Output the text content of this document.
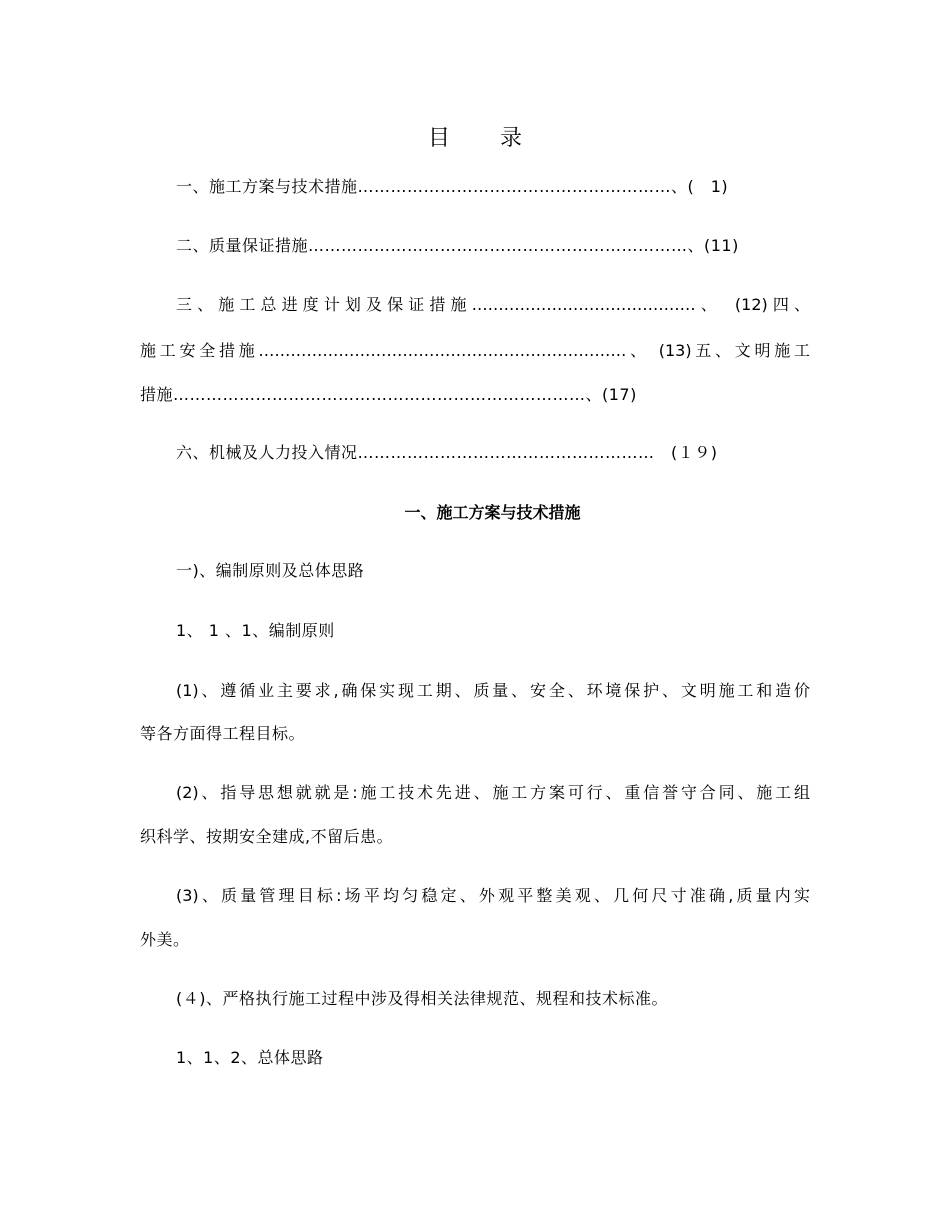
目 录
一、施工方案与技术措施…………………………………………………、(　1)
二、质量保证措施……………………………………………………………、(11)
三、施工总进度计划及保证措施……………………………………、　(12)四、
施工安全措施……………………………………………………………、 (13)五、文明施工
措施…………………………………………………………………、(17)
六、机械及人力投入情况………………………………………………　(１９)
一、施工方案与技术措施
一)、编制原则及总体思路
1、 1 、1、编制原则
(1)、遵循业主要求,确保实现工期、质量、安全、环境保护、文明施工和造价
等各方面得工程目标。
(2)、指导思想就就是:施工技术先进、施工方案可行、重信誉守合同、施工组
织科学、按期安全建成,不留后患。
(3)、质量管理目标:场平均匀稳定、外观平整美观、几何尺寸准确,质量内实
外美。
(４)、严格执行施工过程中涉及得相关法律规范、规程和技术标准。
1、1、2、总体思路
